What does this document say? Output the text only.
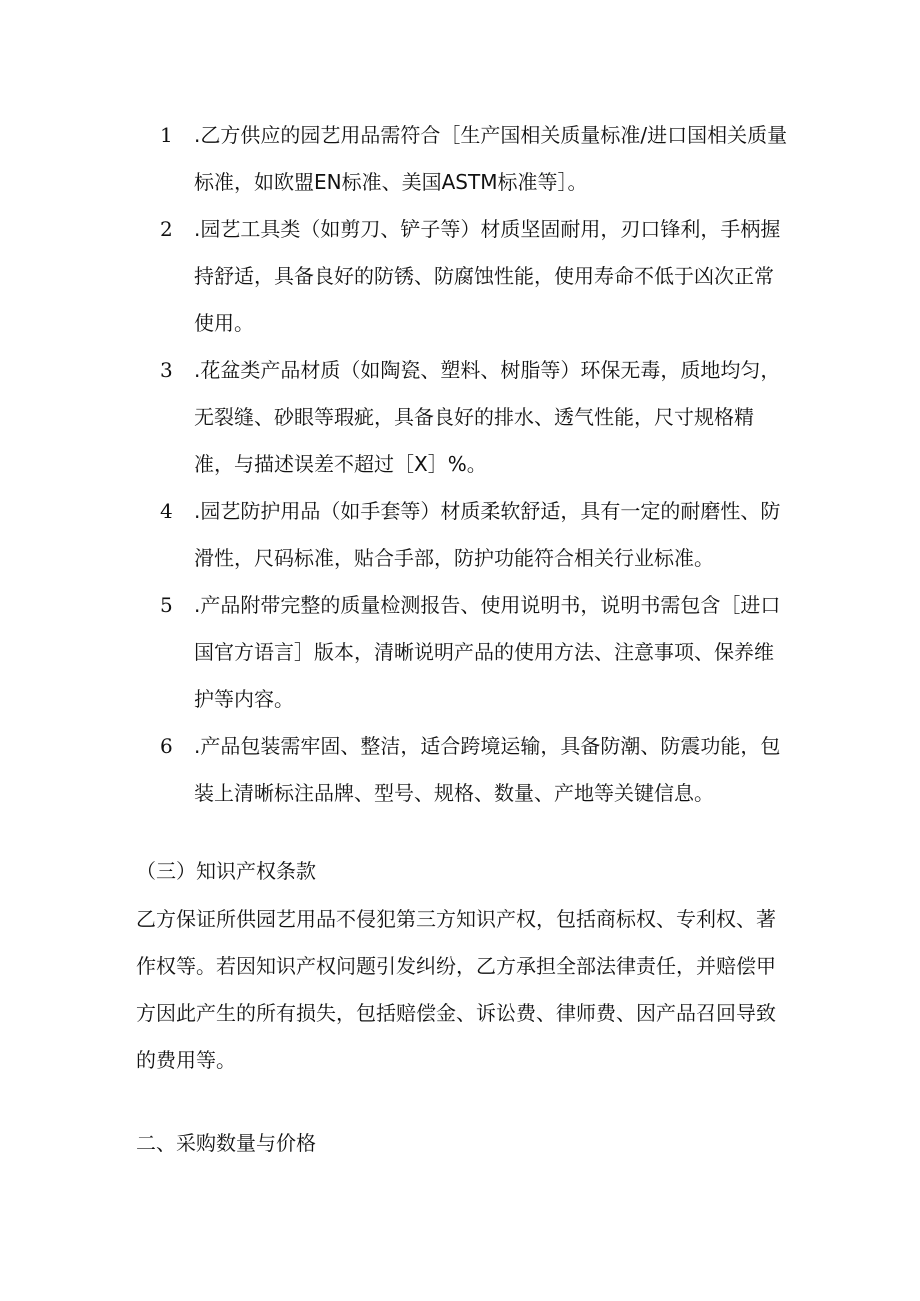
1	.乙方供应的园艺用品需符合［生产国相关质量标准/进口国相关质量标准，如欧盟EN标准、美国ASTM标准等］。
2	.园艺工具类（如剪刀、铲子等）材质坚固耐用，刃口锋利，手柄握持舒适，具备良好的防锈、防腐蚀性能，使用寿命不低于凶次正常使用。
3	.花盆类产品材质（如陶瓷、塑料、树脂等）环保无毒，质地均匀，无裂缝、砂眼等瑕疵，具备良好的排水、透气性能，尺寸规格精准，与描述误差不超过［X］%。
4	.园艺防护用品（如手套等）材质柔软舒适，具有一定的耐磨性、防滑性，尺码标准，贴合手部，防护功能符合相关行业标准。
5	.产品附带完整的质量检测报告、使用说明书，说明书需包含［进口国官方语言］版本，清晰说明产品的使用方法、注意事项、保养维护等内容。
6	.产品包装需牢固、整洁，适合跨境运输，具备防潮、防震功能，包装上清晰标注品牌、型号、规格、数量、产地等关键信息。
（三）知识产权条款
乙方保证所供园艺用品不侵犯第三方知识产权，包括商标权、专利权、著作权等。若因知识产权问题引发纠纷，乙方承担全部法律责任，并赔偿甲方因此产生的所有损失，包括赔偿金、诉讼费、律师费、因产品召回导致的费用等。
二、采购数量与价格
